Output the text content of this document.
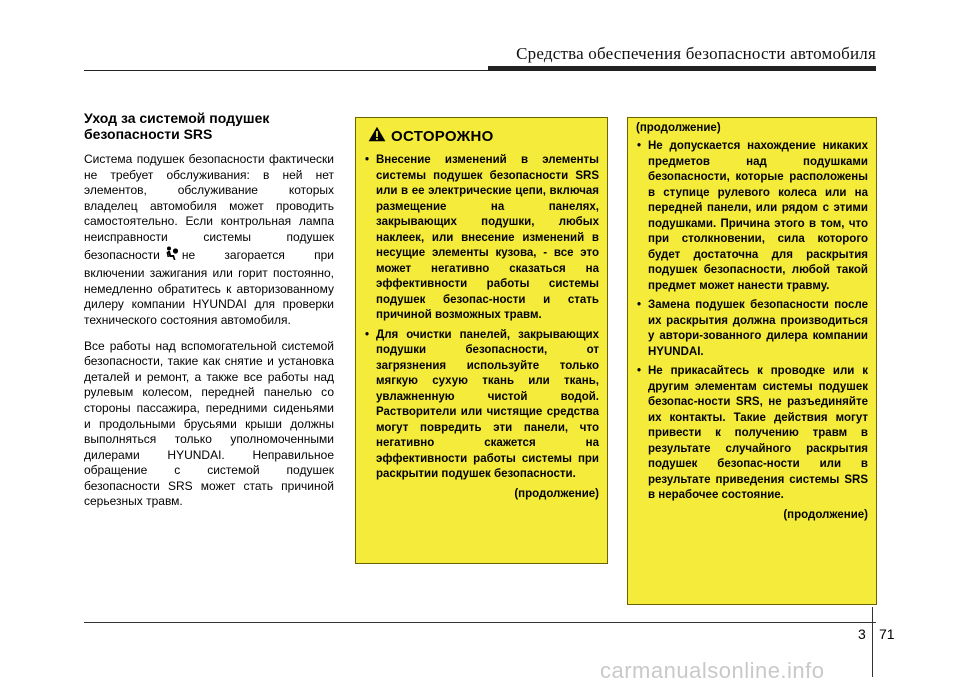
Средства обеспечения безопасности автомобиля
Уход за системой подушек безопасности SRS

Система подушек безопасности фактически не требует обслуживания: в ней нет элементов, обслуживание которых владелец автомобиля может проводить самостоятельно. Если контрольная лампа неисправности системы подушек безопасности не загорается при включении зажигания или горит постоянно, немедленно обратитесь к авторизованному дилеру компании HYUNDAI для проверки технического состояния автомобиля.

Все работы над вспомогательной системой безопасности, такие как снятие и установка деталей и ремонт, а также все работы над рулевым колесом, передней панелью со стороны пассажира, передними сиденьями и продольными брусьями крыши должны выполняться только уполномоченными дилерами HYUNDAI. Неправильное обращение с системой подушек безопасности SRS может стать причиной серьезных травм.

ОСТОРОЖНО
• Внесение изменений в элементы системы подушек безопасности SRS или в ее электрические цепи, включая размещение на панелях, закрывающих подушки, любых наклеек, или внесение изменений в несущие элементы кузова, - все это может негативно сказаться на эффективности работы системы подушек безопас-ности и стать причиной возможных травм.
• Для очистки панелей, закрывающих подушки безопасности, от загрязнения используйте только мягкую сухую ткань или ткань, увлажненную чистой водой. Растворители или чистящие средства могут повредить эти панели, что негативно скажется на эффективности работы системы при раскрытии подушек безопасности.
(продолжение)
(продолжение)
• Не допускается нахождение никаких предметов над подушками безопасности, которые расположены в ступице рулевого колеса или на передней панели, или рядом с этими подушками. Причина этого в том, что при столкновении, сила которого будет достаточна для раскрытия подушек безопасности, любой такой предмет может нанести травму.
• Замена подушек безопасности после их раскрытия должна производиться у автори-зованного дилера компании HYUNDAI.
• Не прикасайтесь к проводке или к другим элементам системы подушек безопас-ности SRS, не разъединяйте их контакты. Такие действия могут привести к получению травм в результате случайного раскрытия подушек безопас-ности или в результате приведения системы SRS в нерабочее состояние.
(продолжение)
3 71
carmanualsonline.info
